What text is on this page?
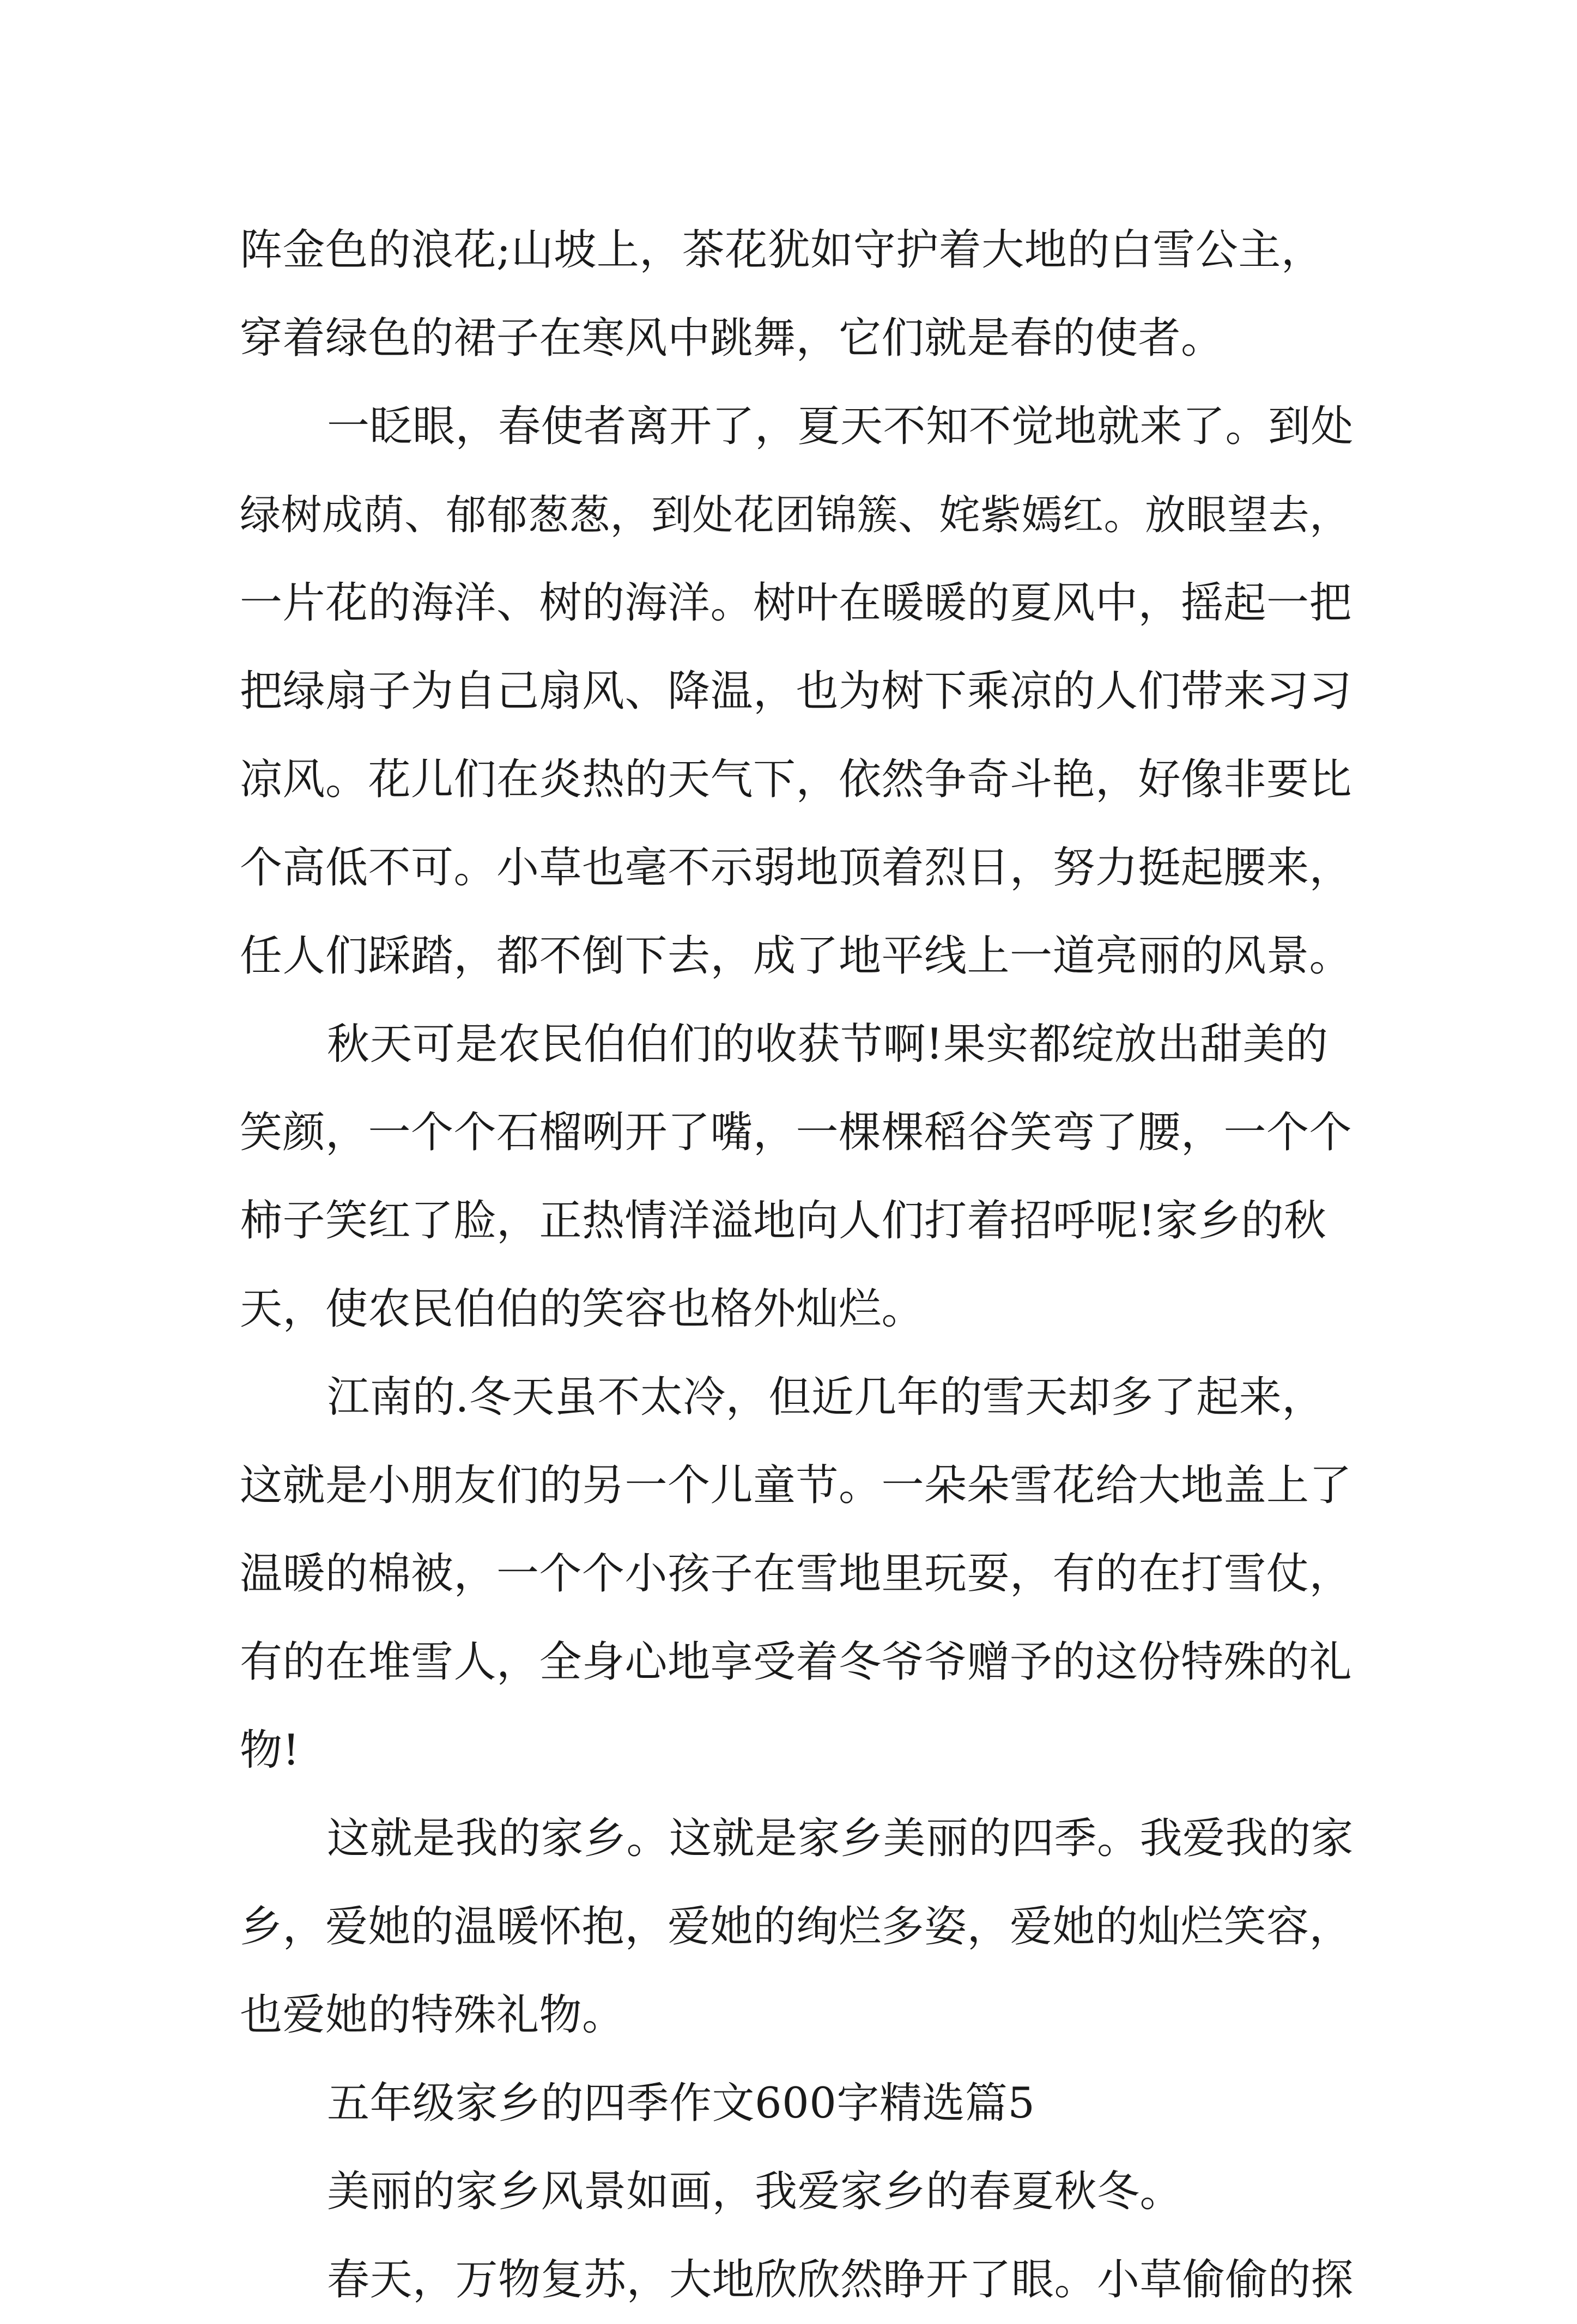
阵金色的浪花;山坡上，茶花犹如守护着大地的白雪公主，
穿着绿色的裙子在寒风中跳舞，它们就是春的使者。
一眨眼，春使者离开了，夏天不知不觉地就来了。到处
绿树成荫、郁郁葱葱，到处花团锦簇、姹紫嫣红。放眼望去，
一片花的海洋、树的海洋。树叶在暖暖的夏风中，摇起一把
把绿扇子为自己扇风、降温，也为树下乘凉的人们带来习习
凉风。花儿们在炎热的天气下，依然争奇斗艳，好像非要比
个高低不可。小草也毫不示弱地顶着烈日，努力挺起腰来，
任人们踩踏，都不倒下去，成了地平线上一道亮丽的风景。
秋天可是农民伯伯们的收获节啊!果实都绽放出甜美的
笑颜，一个个石榴咧开了嘴，一棵棵稻谷笑弯了腰，一个个
柿子笑红了脸，正热情洋溢地向人们打着招呼呢!家乡的秋
天，使农民伯伯的笑容也格外灿烂。
江南的.冬天虽不太冷，但近几年的雪天却多了起来，
这就是小朋友们的另一个儿童节。一朵朵雪花给大地盖上了
温暖的棉被，一个个小孩子在雪地里玩耍，有的在打雪仗，
有的在堆雪人，全身心地享受着冬爷爷赠予的这份特殊的礼
物!
这就是我的家乡。这就是家乡美丽的四季。我爱我的家
乡，爱她的温暖怀抱，爱她的绚烂多姿，爱她的灿烂笑容，
也爱她的特殊礼物。
五年级家乡的四季作文600字精选篇5
美丽的家乡风景如画，我爱家乡的春夏秋冬。
春天，万物复苏，大地欣欣然睁开了眼。小草偷偷的探
